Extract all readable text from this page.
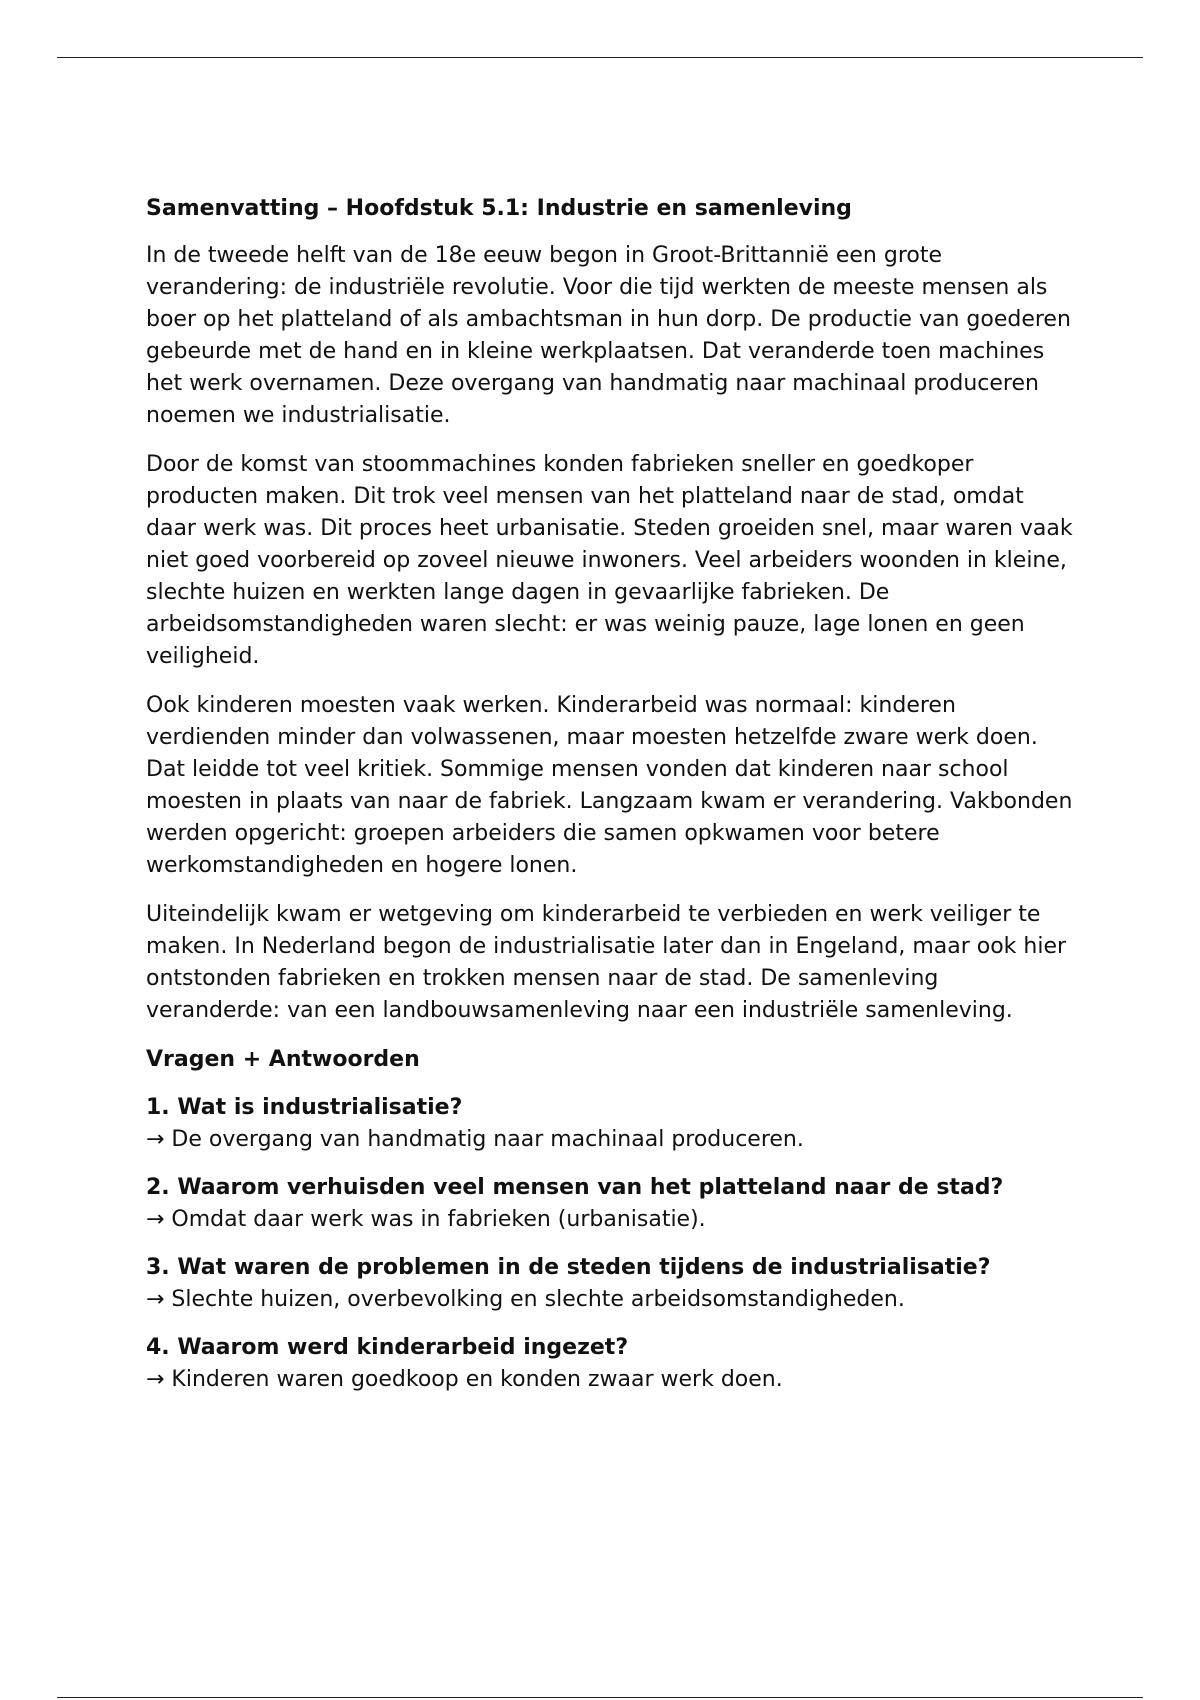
Samenvatting – Hoofdstuk 5.1: Industrie en samenleving

In de tweede helft van de 18e eeuw begon in Groot-Brittannië een grote verandering: de industriële revolutie. Voor die tijd werkten de meeste mensen als boer op het platteland of als ambachtsman in hun dorp. De productie van goederen gebeurde met de hand en in kleine werkplaatsen. Dat veranderde toen machines het werk overnamen. Deze overgang van handmatig naar machinaal produceren noemen we industrialisatie.

Door de komst van stoommachines konden fabrieken sneller en goedkoper producten maken. Dit trok veel mensen van het platteland naar de stad, omdat daar werk was. Dit proces heet urbanisatie. Steden groeiden snel, maar waren vaak niet goed voorbereid op zoveel nieuwe inwoners. Veel arbeiders woonden in kleine, slechte huizen en werkten lange dagen in gevaarlijke fabrieken. De arbeidsomstandigheden waren slecht: er was weinig pauze, lage lonen en geen veiligheid.

Ook kinderen moesten vaak werken. Kinderarbeid was normaal: kinderen verdienden minder dan volwassenen, maar moesten hetzelfde zware werk doen. Dat leidde tot veel kritiek. Sommige mensen vonden dat kinderen naar school moesten in plaats van naar de fabriek. Langzaam kwam er verandering. Vakbonden werden opgericht: groepen arbeiders die samen opkwamen voor betere werkomstandigheden en hogere lonen.

Uiteindelijk kwam er wetgeving om kinderarbeid te verbieden en werk veiliger te maken. In Nederland begon de industrialisatie later dan in Engeland, maar ook hier ontstonden fabrieken en trokken mensen naar de stad. De samenleving veranderde: van een landbouwsamenleving naar een industriële samenleving.

Vragen + Antwoorden
1. Wat is industrialisatie?
→ De overgang van handmatig naar machinaal produceren.
2. Waarom verhuisden veel mensen van het platteland naar de stad?
→ Omdat daar werk was in fabrieken (urbanisatie).
3. Wat waren de problemen in de steden tijdens de industrialisatie?
→ Slechte huizen, overbevolking en slechte arbeidsomstandigheden.
4. Waarom werd kinderarbeid ingezet?
→ Kinderen waren goedkoop en konden zwaar werk doen.
